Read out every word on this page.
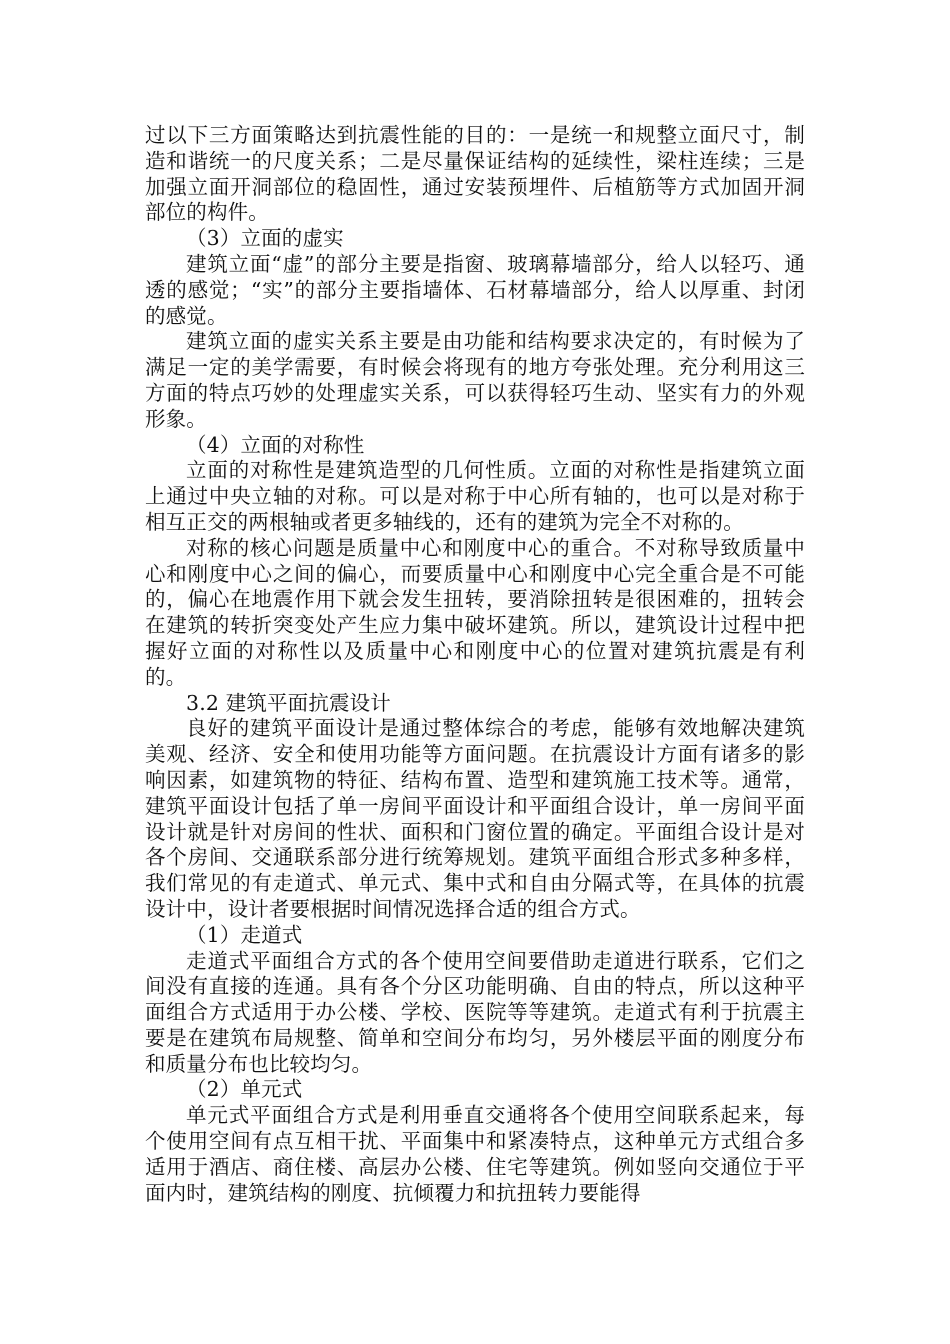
过以下三方面策略达到抗震性能的目的：一是统一和规整立面尺寸，制造和谐统一的尺度关系；二是尽量保证结构的延续性，梁柱连续；三是加强立面开洞部位的稳固性，通过安装预埋件、后植筋等方式加固开洞部位的构件。

（3）立面的虚实

建筑立面“虚”的部分主要是指窗、玻璃幕墙部分，给人以轻巧、通透的感觉；“实”的部分主要指墙体、石材幕墙部分，给人以厚重、封闭的感觉。

建筑立面的虚实关系主要是由功能和结构要求决定的，有时候为了满足一定的美学需要，有时候会将现有的地方夸张处理。充分利用这三方面的特点巧妙的处理虚实关系，可以获得轻巧生动、坚实有力的外观形象。

（4）立面的对称性

立面的对称性是建筑造型的几何性质。立面的对称性是指建筑立面上通过中央立轴的对称。可以是对称于中心所有轴的，也可以是对称于相互正交的两根轴或者更多轴线的，还有的建筑为完全不对称的。

对称的核心问题是质量中心和刚度中心的重合。不对称导致质量中心和刚度中心之间的偏心，而要质量中心和刚度中心完全重合是不可能的，偏心在地震作用下就会发生扭转，要消除扭转是很困难的，扭转会在建筑的转折突变处产生应力集中破坏建筑。所以，建筑设计过程中把握好立面的对称性以及质量中心和刚度中心的位置对建筑抗震是有利的。

3.2 建筑平面抗震设计

良好的建筑平面设计是通过整体综合的考虑，能够有效地解决建筑美观、经济、安全和使用功能等方面问题。在抗震设计方面有诸多的影响因素，如建筑物的特征、结构布置、造型和建筑施工技术等。通常，建筑平面设计包括了单一房间平面设计和平面组合设计，单一房间平面设计就是针对房间的性状、面积和门窗位置的确定。平面组合设计是对各个房间、交通联系部分进行统筹规划。建筑平面组合形式多种多样，我们常见的有走道式、单元式、集中式和自由分隔式等，在具体的抗震设计中，设计者要根据时间情况选择合适的组合方式。

（1）走道式

走道式平面组合方式的各个使用空间要借助走道进行联系，它们之间没有直接的连通。具有各个分区功能明确、自由的特点，所以这种平面组合方式适用于办公楼、学校、医院等等建筑。走道式有利于抗震主要是在建筑布局规整、简单和空间分布均匀，另外楼层平面的刚度分布和质量分布也比较均匀。

（2）单元式

单元式平面组合方式是利用垂直交通将各个使用空间联系起来，每个使用空间有点互相干扰、平面集中和紧凑特点，这种单元方式组合多适用于酒店、商住楼、高层办公楼、住宅等建筑。例如竖向交通位于平面内时，建筑结构的刚度、抗倾覆力和抗扭转力要能得
